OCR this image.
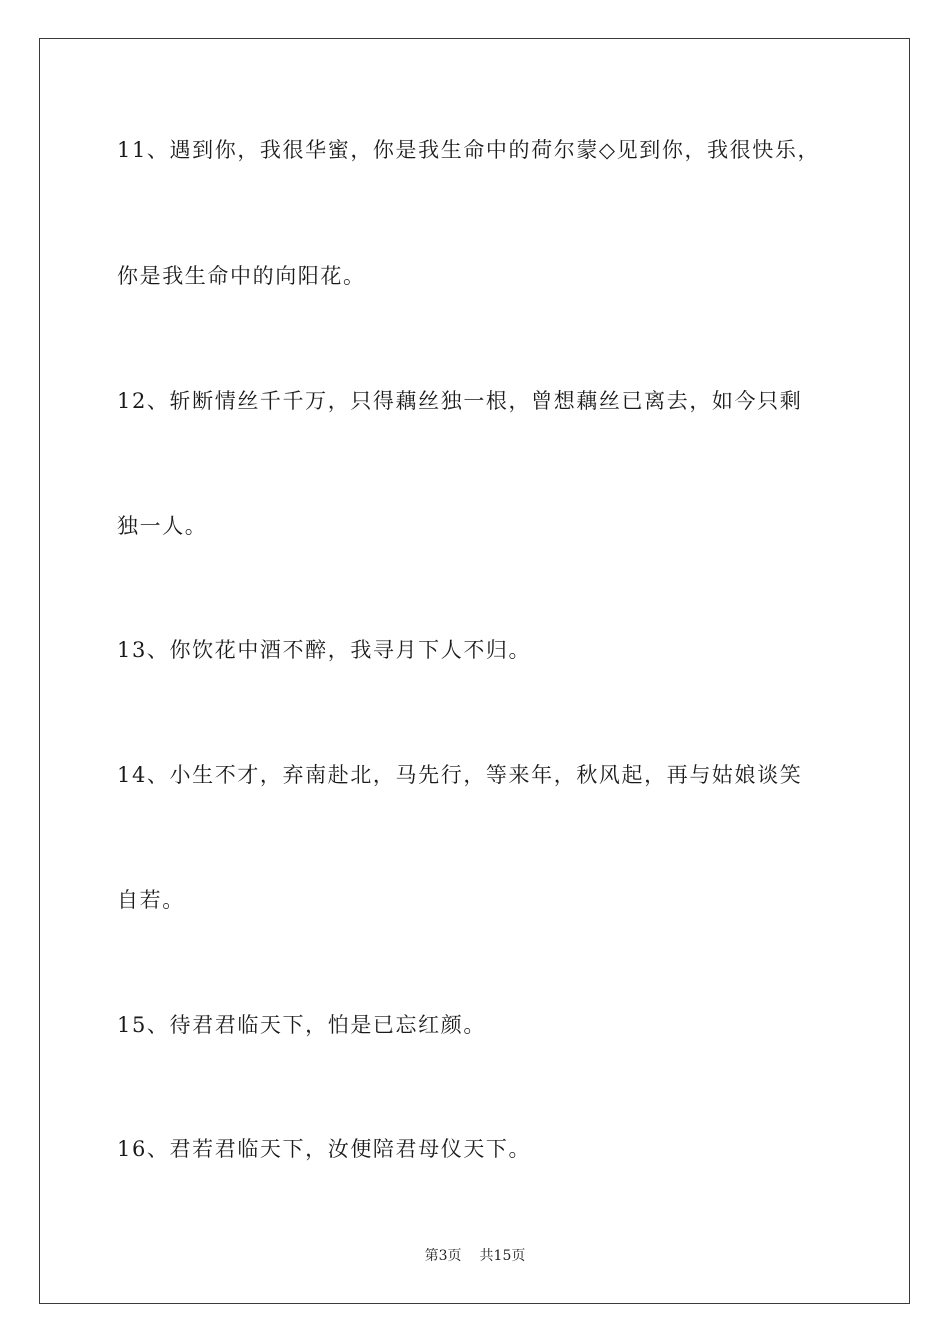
11、遇到你，我很华蜜，你是我生命中的荷尔蒙◇见到你，我很快乐，
你是我生命中的向阳花。
12、斩断情丝千千万，只得藕丝独一根，曾想藕丝已离去，如今只剩
独一人。
13、你饮花中酒不醉，我寻月下人不归。
14、小生不才，弃南赴北，马先行，等来年，秋风起，再与姑娘谈笑
自若。
15、待君君临天下，怕是已忘红颜。
16、君若君临天下，汝便陪君母仪天下。
第3页 共15页
